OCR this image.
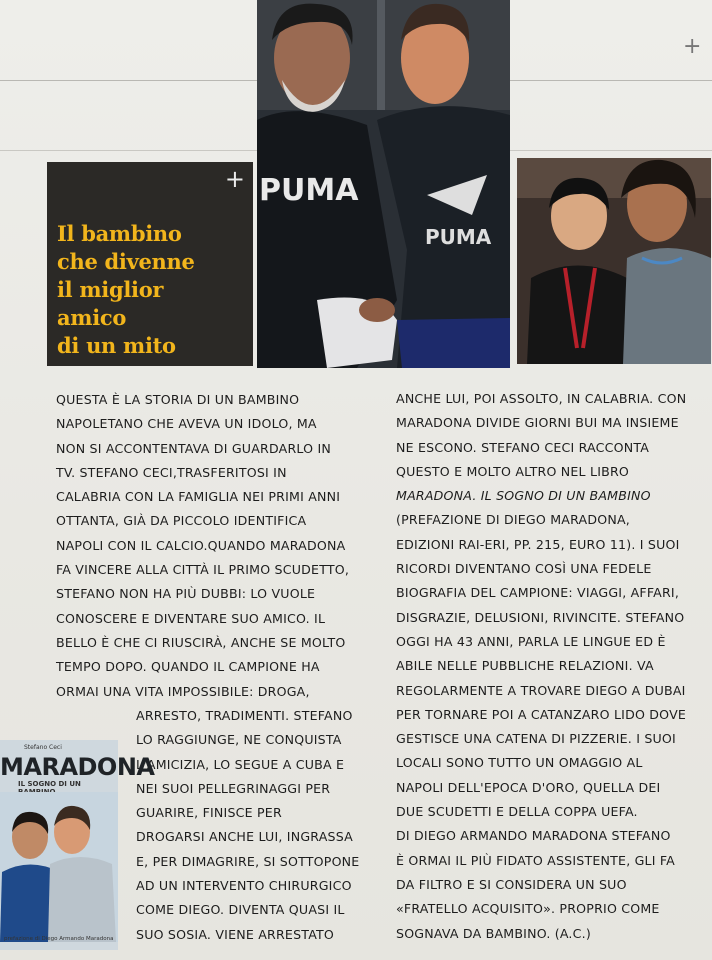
+
+
Il bambino
che divenne
il miglior
amico
di un mito
PUMA
PUMA
QUESTA È LA STORIA DI UN BAMBINO
NAPOLETANO CHE AVEVA UN IDOLO, MA
NON SI ACCONTENTAVA DI GUARDARLO IN
TV. STEFANO CECI,TRASFERITOSI IN
CALABRIA CON LA FAMIGLIA NEI PRIMI ANNI
OTTANTA, GIÀ DA PICCOLO IDENTIFICA
NAPOLI CON IL CALCIO.QUANDO MARADONA
FA VINCERE ALLA CITTÀ IL PRIMO SCUDETTO,
STEFANO NON HA PIÙ DUBBI: LO VUOLE
CONOSCERE E DIVENTARE SUO AMICO. IL
BELLO È CHE CI RIUSCIRÀ, ANCHE SE MOLTO
TEMPO DOPO. QUANDO IL CAMPIONE HA
ORMAI UNA VITA IMPOSSIBILE: DROGA,
ARRESTO, TRADIMENTI. STEFANO
LO RAGGIUNGE, NE CONQUISTA
L'AMICIZIA, LO SEGUE A CUBA E
NEI SUOI PELLEGRINAGGI PER
GUARIRE, FINISCE PER
DROGARSI ANCHE LUI, INGRASSA
E, PER DIMAGRIRE, SI SOTTOPONE
AD UN INTERVENTO CHIRURGICO
COME DIEGO. DIVENTA QUASI IL
SUO SOSIA. VIENE ARRESTATO
ANCHE LUI, POI ASSOLTO, IN CALABRIA. CON
MARADONA DIVIDE GIORNI BUI MA INSIEME
NE ESCONO. STEFANO CECI RACCONTA
QUESTO E MOLTO ALTRO NEL LIBRO
MARADONA. IL SOGNO DI UN BAMBINO
(PREFAZIONE DI DIEGO MARADONA,
EDIZIONI RAI-ERI, PP. 215, EURO 11). I SUOI
RICORDI DIVENTANO COSÌ UNA FEDELE
BIOGRAFIA DEL CAMPIONE: VIAGGI, AFFARI,
DISGRAZIE, DELUSIONI, RIVINCITE. STEFANO
OGGI HA 43 ANNI, PARLA LE LINGUE ED È
ABILE NELLE PUBBLICHE RELAZIONI. VA
REGOLARMENTE A TROVARE DIEGO A DUBAI
PER TORNARE POI A CATANZARO LIDO DOVE
GESTISCE UNA CATENA DI PIZZERIE. I SUOI
LOCALI SONO TUTTO UN OMAGGIO AL
NAPOLI DELL'EPOCA D'ORO, QUELLA DEI
DUE SCUDETTI E DELLA COPPA UEFA.
DI DIEGO ARMANDO MARADONA STEFANO
È ORMAI IL PIÙ FIDATO ASSISTENTE, GLI FA
DA FILTRO E SI CONSIDERA UN SUO
«FRATELLO ACQUISITO». PROPRIO COME
SOGNAVA DA BAMBINO. (A.C.)
Stefano Ceci
MARADONA
IL SOGNO DI UN
prefazione di Diego Armando Maradona
